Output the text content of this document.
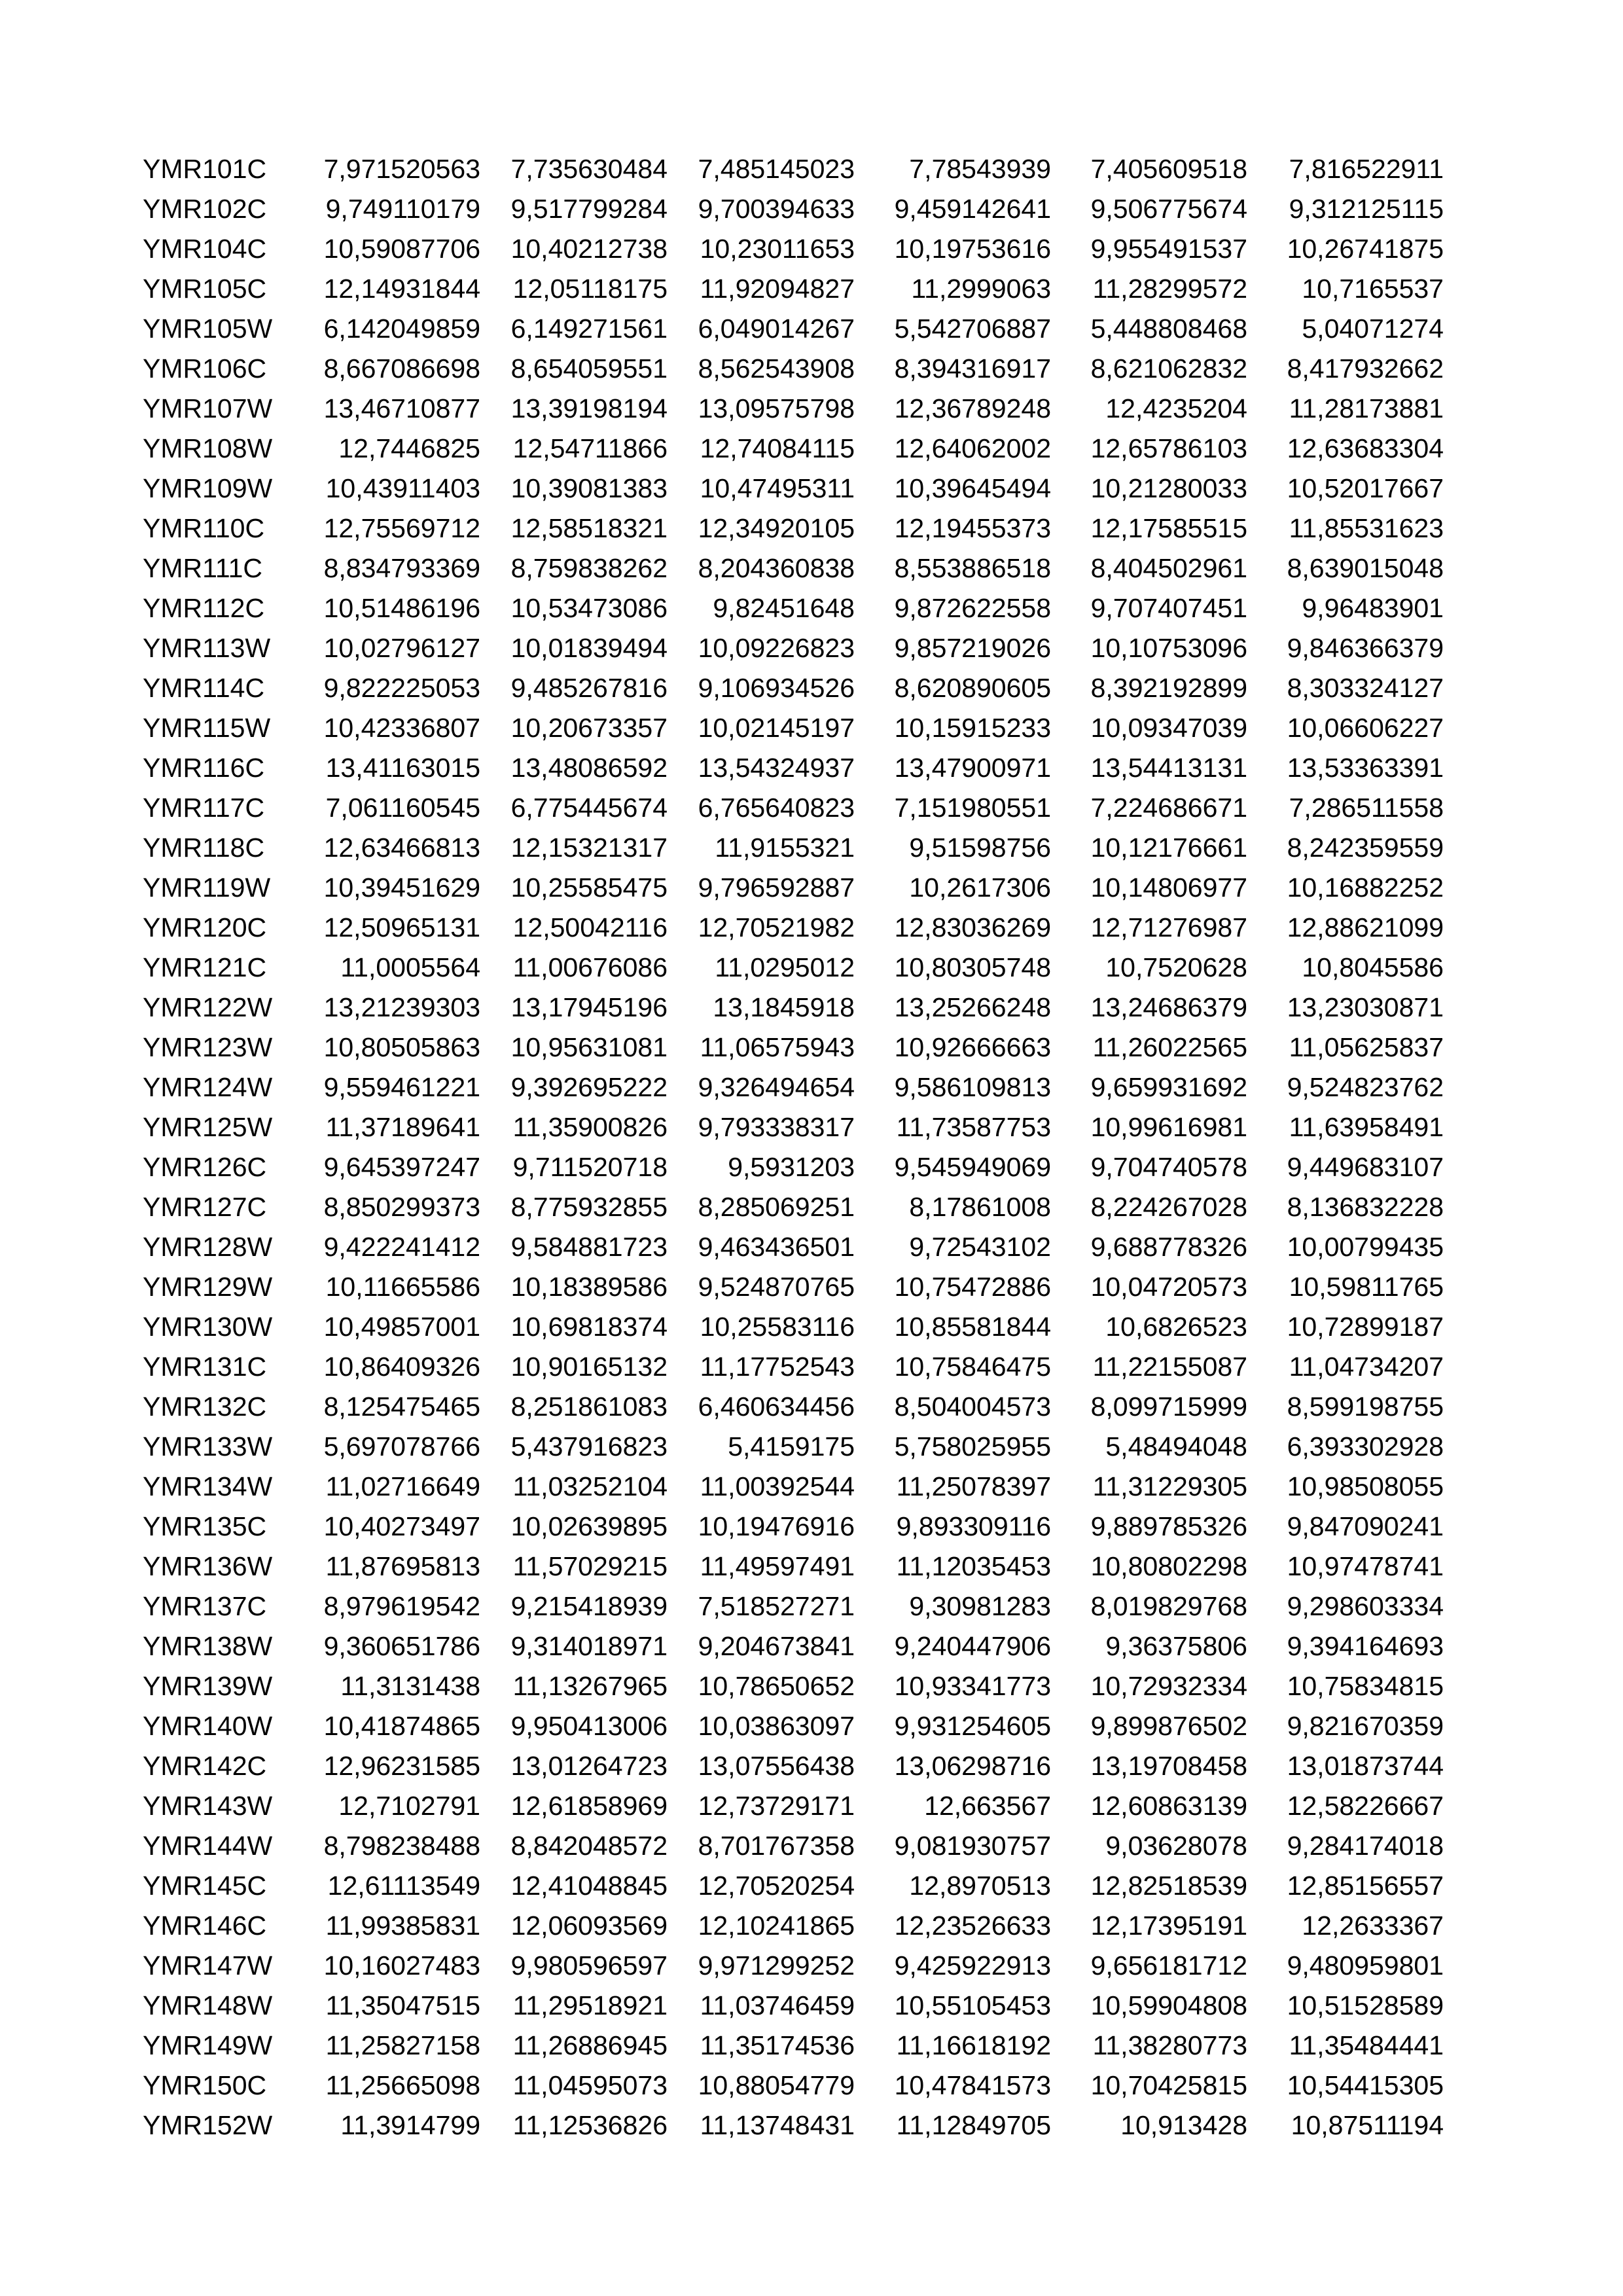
YMR101C	7,971520563	7,735630484	7,485145023	7,78543939	7,405609518	7,816522911
YMR102C	9,749110179	9,517799284	9,700394633	9,459142641	9,506775674	9,312125115
YMR104C	10,59087706	10,40212738	10,23011653	10,19753616	9,955491537	10,26741875
YMR105C	12,14931844	12,05118175	11,92094827	11,2999063	11,28299572	10,7165537
YMR105W	6,142049859	6,149271561	6,049014267	5,542706887	5,448808468	5,04071274
YMR106C	8,667086698	8,654059551	8,562543908	8,394316917	8,621062832	8,417932662
YMR107W	13,46710877	13,39198194	13,09575798	12,36789248	12,4235204	11,28173881
YMR108W	12,7446825	12,54711866	12,74084115	12,64062002	12,65786103	12,63683304
YMR109W	10,43911403	10,39081383	10,47495311	10,39645494	10,21280033	10,52017667
YMR110C	12,75569712	12,58518321	12,34920105	12,19455373	12,17585515	11,85531623
YMR111C	8,834793369	8,759838262	8,204360838	8,553886518	8,404502961	8,639015048
YMR112C	10,51486196	10,53473086	9,82451648	9,872622558	9,707407451	9,96483901
YMR113W	10,02796127	10,01839494	10,09226823	9,857219026	10,10753096	9,846366379
YMR114C	9,822225053	9,485267816	9,106934526	8,620890605	8,392192899	8,303324127
YMR115W	10,42336807	10,20673357	10,02145197	10,15915233	10,09347039	10,06606227
YMR116C	13,41163015	13,48086592	13,54324937	13,47900971	13,54413131	13,53363391
YMR117C	7,061160545	6,775445674	6,765640823	7,151980551	7,224686671	7,286511558
YMR118C	12,63466813	12,15321317	11,9155321	9,51598756	10,12176661	8,242359559
YMR119W	10,39451629	10,25585475	9,796592887	10,2617306	10,14806977	10,16882252
YMR120C	12,50965131	12,50042116	12,70521982	12,83036269	12,71276987	12,88621099
YMR121C	11,0005564	11,00676086	11,0295012	10,80305748	10,7520628	10,8045586
YMR122W	13,21239303	13,17945196	13,1845918	13,25266248	13,24686379	13,23030871
YMR123W	10,80505863	10,95631081	11,06575943	10,92666663	11,26022565	11,05625837
YMR124W	9,559461221	9,392695222	9,326494654	9,586109813	9,659931692	9,524823762
YMR125W	11,37189641	11,35900826	9,793338317	11,73587753	10,99616981	11,63958491
YMR126C	9,645397247	9,711520718	9,5931203	9,545949069	9,704740578	9,449683107
YMR127C	8,850299373	8,775932855	8,285069251	8,17861008	8,224267028	8,136832228
YMR128W	9,422241412	9,584881723	9,463436501	9,72543102	9,688778326	10,00799435
YMR129W	10,11665586	10,18389586	9,524870765	10,75472886	10,04720573	10,59811765
YMR130W	10,49857001	10,69818374	10,25583116	10,85581844	10,6826523	10,72899187
YMR131C	10,86409326	10,90165132	11,17752543	10,75846475	11,22155087	11,04734207
YMR132C	8,125475465	8,251861083	6,460634456	8,504004573	8,099715999	8,599198755
YMR133W	5,697078766	5,437916823	5,4159175	5,758025955	5,48494048	6,393302928
YMR134W	11,02716649	11,03252104	11,00392544	11,25078397	11,31229305	10,98508055
YMR135C	10,40273497	10,02639895	10,19476916	9,893309116	9,889785326	9,847090241
YMR136W	11,87695813	11,57029215	11,49597491	11,12035453	10,80802298	10,97478741
YMR137C	8,979619542	9,215418939	7,518527271	9,30981283	8,019829768	9,298603334
YMR138W	9,360651786	9,314018971	9,204673841	9,240447906	9,36375806	9,394164693
YMR139W	11,3131438	11,13267965	10,78650652	10,93341773	10,72932334	10,75834815
YMR140W	10,41874865	9,950413006	10,03863097	9,931254605	9,899876502	9,821670359
YMR142C	12,96231585	13,01264723	13,07556438	13,06298716	13,19708458	13,01873744
YMR143W	12,7102791	12,61858969	12,73729171	12,663567	12,60863139	12,58226667
YMR144W	8,798238488	8,842048572	8,701767358	9,081930757	9,03628078	9,284174018
YMR145C	12,61113549	12,41048845	12,70520254	12,8970513	12,82518539	12,85156557
YMR146C	11,99385831	12,06093569	12,10241865	12,23526633	12,17395191	12,2633367
YMR147W	10,16027483	9,980596597	9,971299252	9,425922913	9,656181712	9,480959801
YMR148W	11,35047515	11,29518921	11,03746459	10,55105453	10,59904808	10,51528589
YMR149W	11,25827158	11,26886945	11,35174536	11,16618192	11,38280773	11,35484441
YMR150C	11,25665098	11,04595073	10,88054779	10,47841573	10,70425815	10,54415305
YMR152W	11,3914799	11,12536826	11,13748431	11,12849705	10,913428	10,87511194
